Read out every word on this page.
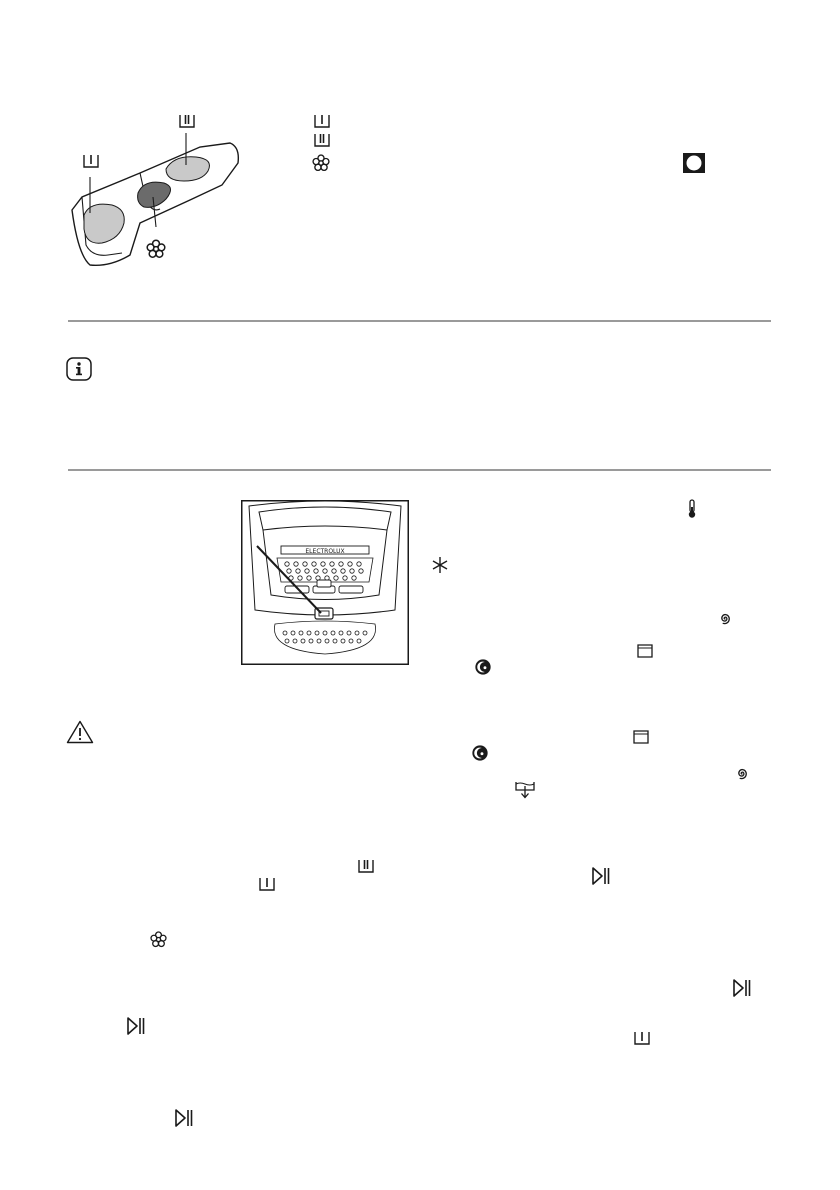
ELECTROLUX
